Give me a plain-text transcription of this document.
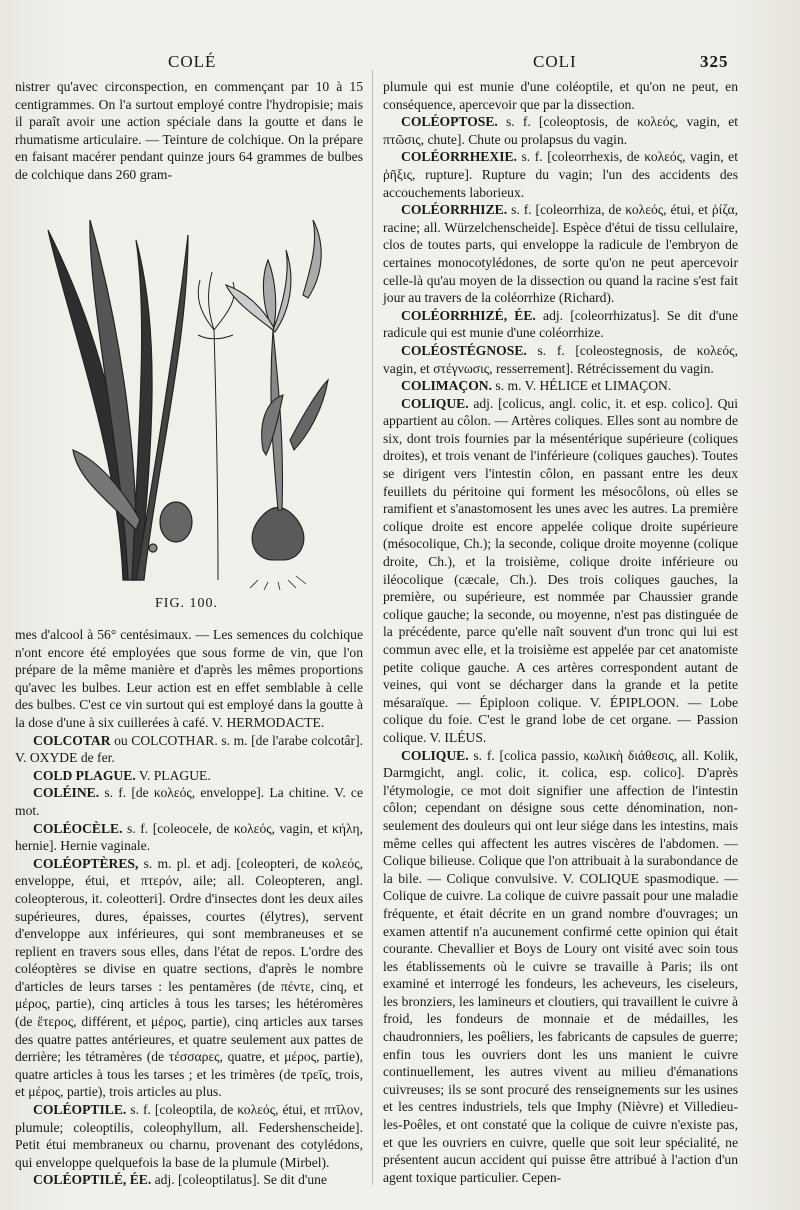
COLÉ	COLI	325

nistrer qu'avec circonspection, en commençant par 10 à 15 centigrammes. On l'a surtout employé contre l'hydropisie; mais il paraît avoir une action spéciale dans la goutte et dans le rhumatisme articulaire. — Teinture de colchique. On la prépare en faisant macérer pendant quinze jours 64 grammes de bulbes de colchique dans 260 gram-

FIG. 100.

mes d'alcool à 56° centésimaux. — Les semences du colchique n'ont encore été employées que sous forme de vin, que l'on prépare de la même manière et d'après les mêmes proportions qu'avec les bulbes. Leur action est en effet semblable à celle des bulbes. C'est ce vin surtout qui est employé dans la goutte à la dose d'une à six cuillerées à café. V. HERMODACTE.

COLCOTAR ou COLCOTHAR. s. m. [de l'arabe colcotâr]. V. OXYDE de fer.

COLD PLAGUE. V. PLAGUE.

COLÉINE. s. f. [de κολεός, enveloppe]. La chitine. V. ce mot.

COLÉOCÈLE. s. f. [coleocele, de κολεός, vagin, et κήλη, hernie]. Hernie vaginale.

COLÉOPTÈRES, s. m. pl. et adj. [coleopteri, de κολεός, enveloppe, étui, et πτερόν, aile; all. Coleopteren, angl. coleopterous, it. coleotteri]. Ordre d'insectes dont les deux ailes supérieures, dures, épaisses, courtes (élytres), servent d'enveloppe aux inférieures, qui sont membraneuses et se replient en travers sous elles, dans l'état de repos. L'ordre des coléoptères se divise en quatre sections, d'après le nombre d'articles de leurs tarses : les pentamères (de πέντε, cinq, et μέρος, partie), cinq articles à tous les tarses; les hétéromères (de ἕτερος, différent, et μέρος, partie), cinq articles aux tarses des quatre pattes antérieures, et quatre seulement aux pattes de derrière; les tétramères (de τέσσαρες, quatre, et μέρος, partie), quatre articles à tous les tarses ; et les trimères (de τρεῖς, trois, et μέρος, partie), trois articles au plus.

COLÉOPTILE. s. f. [coleoptila, de κολεός, étui, et πτῖλον, plumule; coleoptilis, coleophyllum, all. Federshenscheide]. Petit étui membraneux ou charnu, provenant des cotylédons, qui enveloppe quelquefois la base de la plumule (Mirbel).

COLÉOPTILÉ, ÉE. adj. [coleoptilatus]. Se dit d'une

plumule qui est munie d'une coléoptile, et qu'on ne peut, en conséquence, apercevoir que par la dissection.

COLÉOPTOSE. s. f. [coleoptosis, de κολεός, vagin, et πτῶσις, chute]. Chute ou prolapsus du vagin.

COLÉORRHEXIE. s. f. [coleorrhexis, de κολεός, vagin, et ῥῆξις, rupture]. Rupture du vagin; l'un des accidents des accouchements laborieux.

COLÉORRHIZE. s. f. [coleorrhiza, de κολεός, étui, et ῥίζα, racine; all. Würzelchenscheide]. Espèce d'étui de tissu cellulaire, clos de toutes parts, qui enveloppe la radicule de l'embryon de certaines monocotylédones, de sorte qu'on ne peut apercevoir celle-là qu'au moyen de la dissection ou quand la racine s'est fait jour au travers de la coléorrhize (Richard).

COLÉORRHIZÉ, ÉE. adj. [coleorrhizatus]. Se dit d'une radicule qui est munie d'une coléorrhize.

COLÉOSTÉGNOSE. s. f. [coleostegnosis, de κολεός, vagin, et στέγνωσις, resserrement]. Rétrécissement du vagin.

COLIMAÇON. s. m. V. HÉLICE et LIMAÇON.

COLIQUE. adj. [colicus, angl. colic, it. et esp. colico]. Qui appartient au côlon. — Artères coliques. Elles sont au nombre de six, dont trois fournies par la mésentérique supérieure (coliques droites), et trois venant de l'inférieure (coliques gauches). Toutes se dirigent vers l'intestin côlon, en passant entre les deux feuillets du péritoine qui forment les mésocôlons, où elles se ramifient et s'anastomosent les unes avec les autres. La première colique droite est encore appelée colique droite supérieure (mésocolique, Ch.); la seconde, colique droite moyenne (colique droite, Ch.), et la troisième, colique droite inférieure ou iléocolique (cæcale, Ch.). Des trois coliques gauches, la première, ou supérieure, est nommée par Chaussier grande colique gauche; la seconde, ou moyenne, n'est pas distinguée de la précédente, parce qu'elle naît souvent d'un tronc qui lui est commun avec elle, et la troisième est appelée par cet anatomiste petite colique gauche. A ces artères correspondent autant de veines, qui vont se décharger dans la grande et la petite mésaraïque. — Épiploon colique. V. ÉPIPLOON. — Lobe colique du foie. C'est le grand lobe de cet organe. — Passion colique. V. ILÉUS.

COLIQUE. s. f. [colica passio, κωλικὴ διάθεσις, all. Kolik, Darmgicht, angl. colic, it. colica, esp. colico]. D'après l'étymologie, ce mot doit signifier une affection de l'intestin côlon; cependant on désigne sous cette dénomination, non-seulement des douleurs qui ont leur siége dans les intestins, mais même celles qui affectent les autres viscères de l'abdomen. — Colique bilieuse. Colique que l'on attribuait à la surabondance de la bile. — Colique convulsive. V. COLIQUE spasmodique. — Colique de cuivre. La colique de cuivre passait pour une maladie fréquente, et était décrite en un grand nombre d'ouvrages; un examen attentif n'a aucunement confirmé cette opinion qui était courante. Chevallier et Boys de Loury ont visité avec soin tous les établissements où le cuivre se travaille à Paris; ils ont examiné et interrogé les fondeurs, les acheveurs, les ciseleurs, les bronziers, les lamineurs et cloutiers, qui travaillent le cuivre à froid, les fondeurs de monnaie et de médailles, les chaudronniers, les poêliers, les fabricants de capsules de guerre; enfin tous les ouvriers dont les uns manient le cuivre continuellement, les autres vivent au milieu d'émanations cuivreuses; ils se sont procuré des renseignements sur les usines et les centres industriels, tels que Imphy (Nièvre) et Villedieu-les-Poêles, et ont constaté que la colique de cuivre n'existe pas, et que les ouvriers en cuivre, quelle que soit leur spécialité, ne présentent aucun accident qui puisse être attribué à l'action d'un agent toxique particulier. Cepen-
